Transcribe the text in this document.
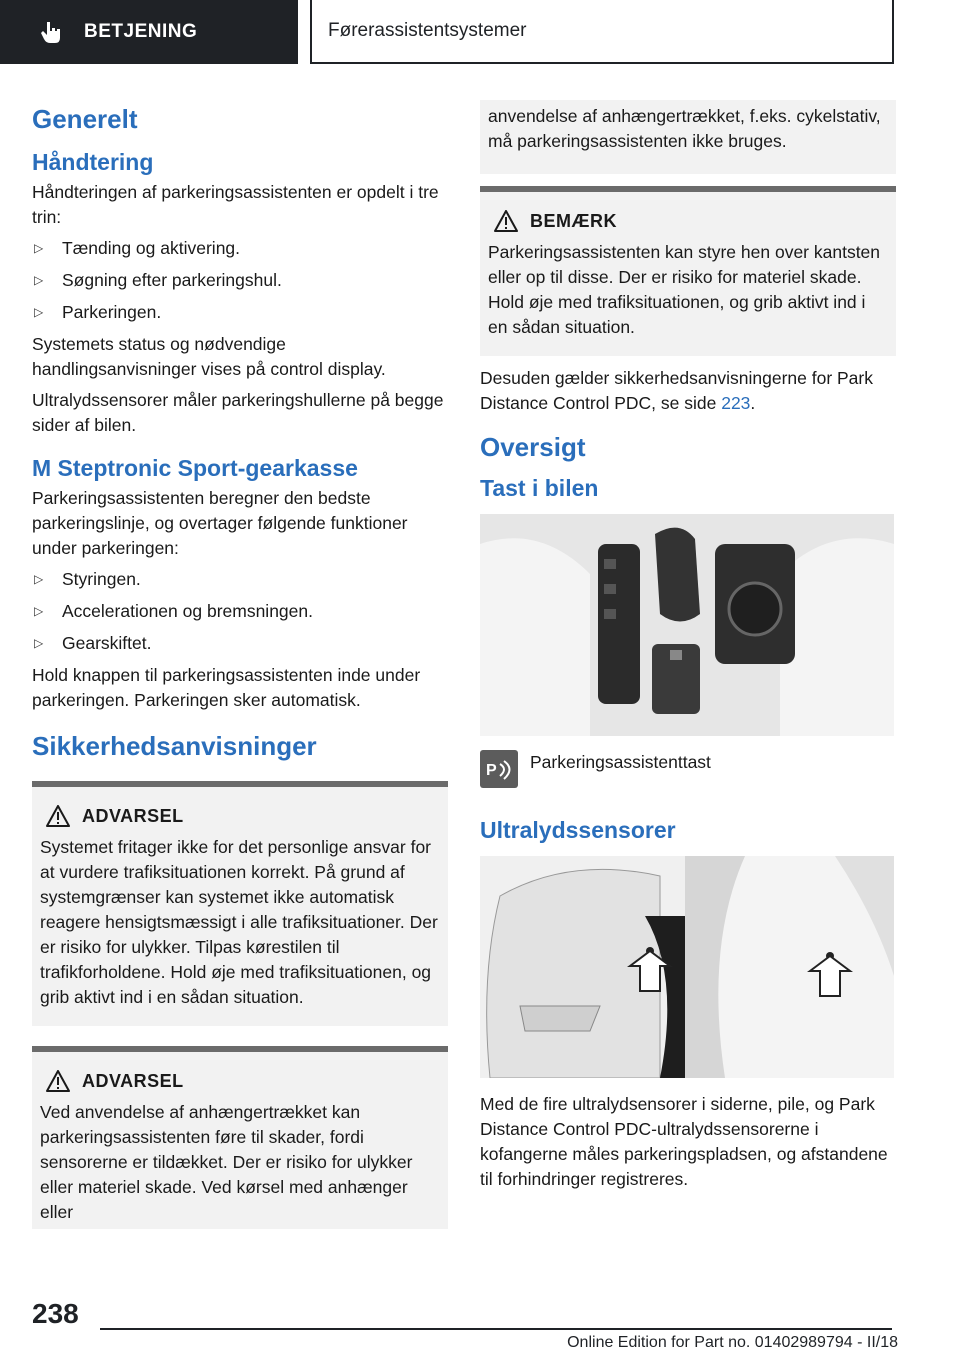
BETJENING	Førerassistentsystemer
Generelt
Håndtering

Håndteringen af parkeringsassistenten er opdelt i tre trin:

▷ Tænding og aktivering.
▷ Søgning efter parkeringshul.
▷ Parkeringen.

Systemets status og nødvendige handlingsanvisninger vises på control display.

Ultralydssensorer måler parkeringshullerne på begge sider af bilen.

M Steptronic Sport-gearkasse

Parkeringsassistenten beregner den bedste parkeringslinje, og overtager følgende funktioner under parkeringen:

▷ Styringen.
▷ Accelerationen og bremsningen.
▷ Gearskiftet.

Hold knappen til parkeringsassistenten inde under parkeringen. Parkeringen sker automatisk.

Sikkerhedsanvisninger
ADVARSEL

Systemet fritager ikke for det personlige ansvar for at vurdere trafiksituationen korrekt. På grund af systemgrænser kan systemet ikke automatisk reagere hensigtsmæssigt i alle trafiksituationer. Der er risiko for ulykker. Tilpas kørestilen til trafikforholdene. Hold øje med trafiksituationen, og grib aktivt ind i en sådan situation.

ADVARSEL

Ved anvendelse af anhængertrækket kan parkeringsassistenten føre til skader, fordi sensorerne er tildækket. Der er risiko for ulykker eller materiel skade. Ved kørsel med anhænger eller

anvendelse af anhængertrækket, f.eks. cykelstativ, må parkeringsassistenten ikke bruges.

BEMÆRK

Parkeringsassistenten kan styre hen over kantsten eller op til disse. Der er risiko for materiel skade. Hold øje med trafiksituationen, og grib aktivt ind i en sådan situation.

Desuden gælder sikkerhedsanvisningerne for Park Distance Control PDC, se side 223.

Oversigt
Tast i bilen
P Parkeringsassistenttast

Ultralydssensorer

Med de fire ultralydsensorer i siderne, pile, og Park Distance Control PDC-ultralydssensorerne i kofangerne måles parkeringspladsen, og afstandene til forhindringer registreres.

238
Online Edition for Part no. 01402989794 - II/18
